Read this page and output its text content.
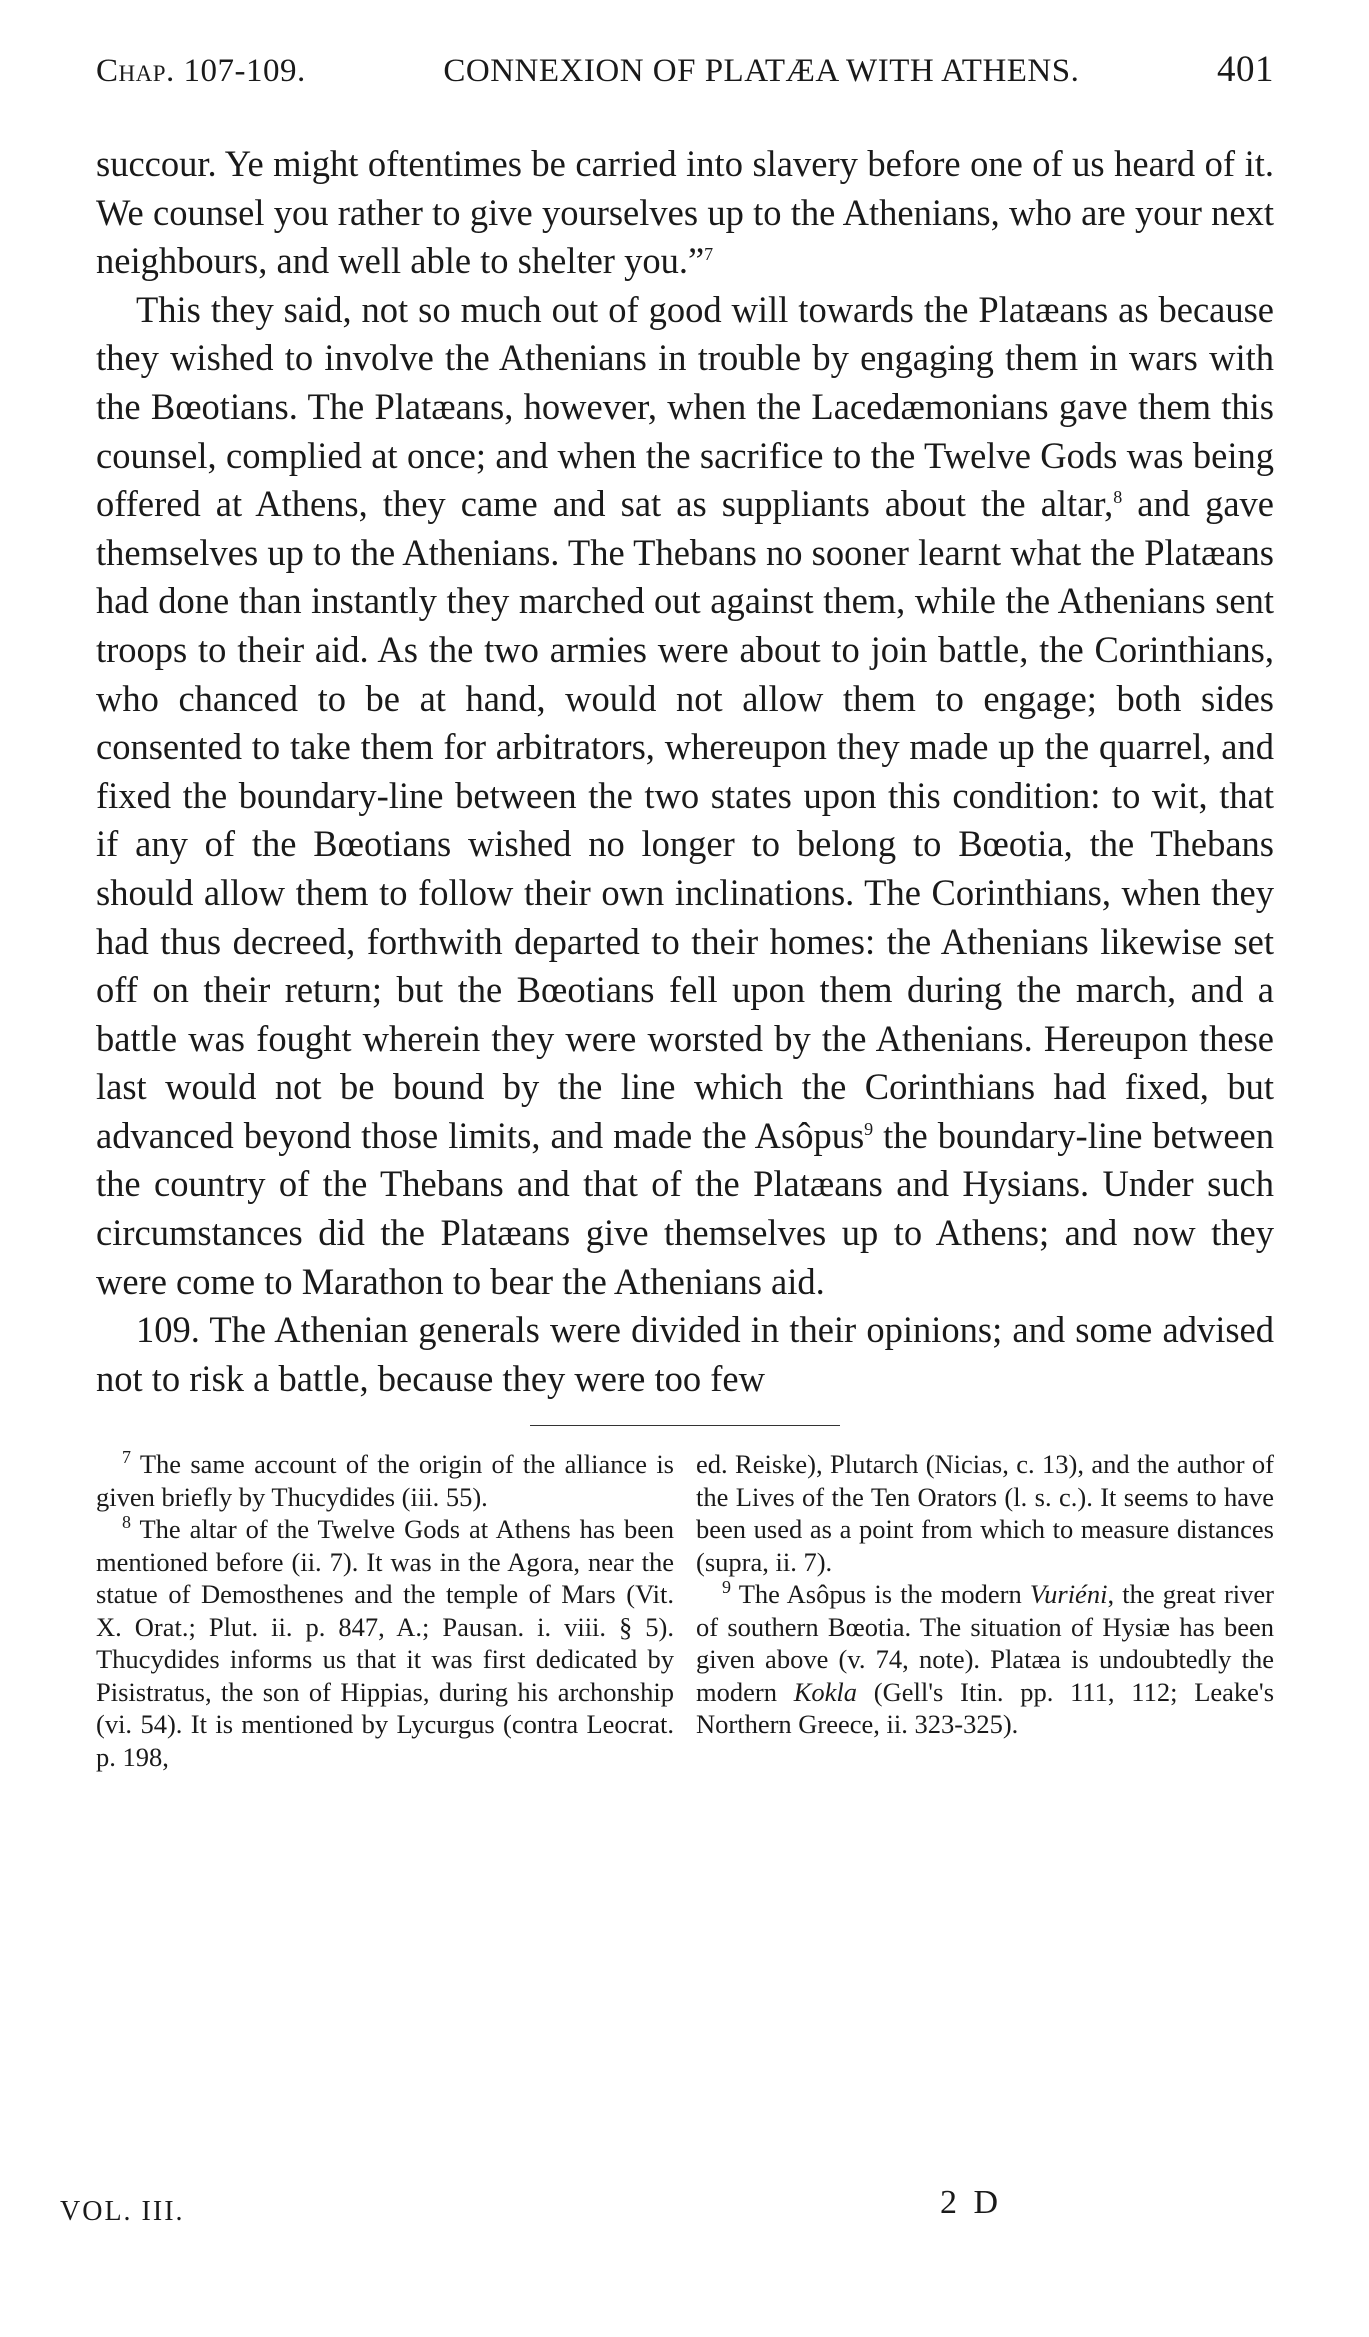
Chap. 107-109.	CONNEXION OF PLATÆA WITH ATHENS.	401

succour. Ye might oftentimes be carried into slavery before one of us heard of it. We counsel you rather to give yourselves up to the Athenians, who are your next neighbours, and well able to shelter you.”$^7$

This they said, not so much out of good will towards the Platæans as because they wished to involve the Athenians in trouble by engaging them in wars with the Bœotians. The Platæans, however, when the Lacedæmonians gave them this counsel, complied at once; and when the sacrifice to the Twelve Gods was being offered at Athens, they came and sat as suppliants about the altar,$^8$ and gave themselves up to the Athenians. The Thebans no sooner learnt what the Platæans had done than instantly they marched out against them, while the Athenians sent troops to their aid. As the two armies were about to join battle, the Corinthians, who chanced to be at hand, would not allow them to engage; both sides consented to take them for arbitrators, whereupon they made up the quarrel, and fixed the boundary-line between the two states upon this condition: to wit, that if any of the Bœotians wished no longer to belong to Bœotia, the Thebans should allow them to follow their own inclinations. The Corinthians, when they had thus decreed, forthwith departed to their homes: the Athenians likewise set off on their return; but the Bœotians fell upon them during the march, and a battle was fought wherein they were worsted by the Athenians. Hereupon these last would not be bound by the line which the Corinthians had fixed, but advanced beyond those limits, and made the Asôpus$^9$ the boundary-line between the country of the Thebans and that of the Platæans and Hysians. Under such circumstances did the Platæans give themselves up to Athens; and now they were come to Marathon to bear the Athenians aid.

109. The Athenian generals were divided in their opinions; and some advised not to risk a battle, because they were too few

$^7$ The same account of the origin of the alliance is given briefly by Thucydides (iii. 55).

$^8$ The altar of the Twelve Gods at Athens has been mentioned before (ii. 7). It was in the Agora, near the statue of Demosthenes and the temple of Mars (Vit. X. Orat.; Plut. ii. p. 847, A.; Pausan. i. viii. § 5). Thucydides informs us that it was first dedicated by Pisistratus, the son of Hippias, during his archonship (vi. 54). It is mentioned by Lycurgus (contra Leocrat. p. 198,

ed. Reiske), Plutarch (Nicias, c. 13), and the author of the Lives of the Ten Orators (l. s. c.). It seems to have been used as a point from which to measure distances (supra, ii. 7).

$^9$ The Asôpus is the modern Vuriéni, the great river of southern Bœotia. The situation of Hysiæ has been given above (v. 74, note). Platæa is undoubtedly the modern Kokla (Gell's Itin. pp. 111, 112; Leake's Northern Greece, ii. 323-325).

VOL. III.	2 D
